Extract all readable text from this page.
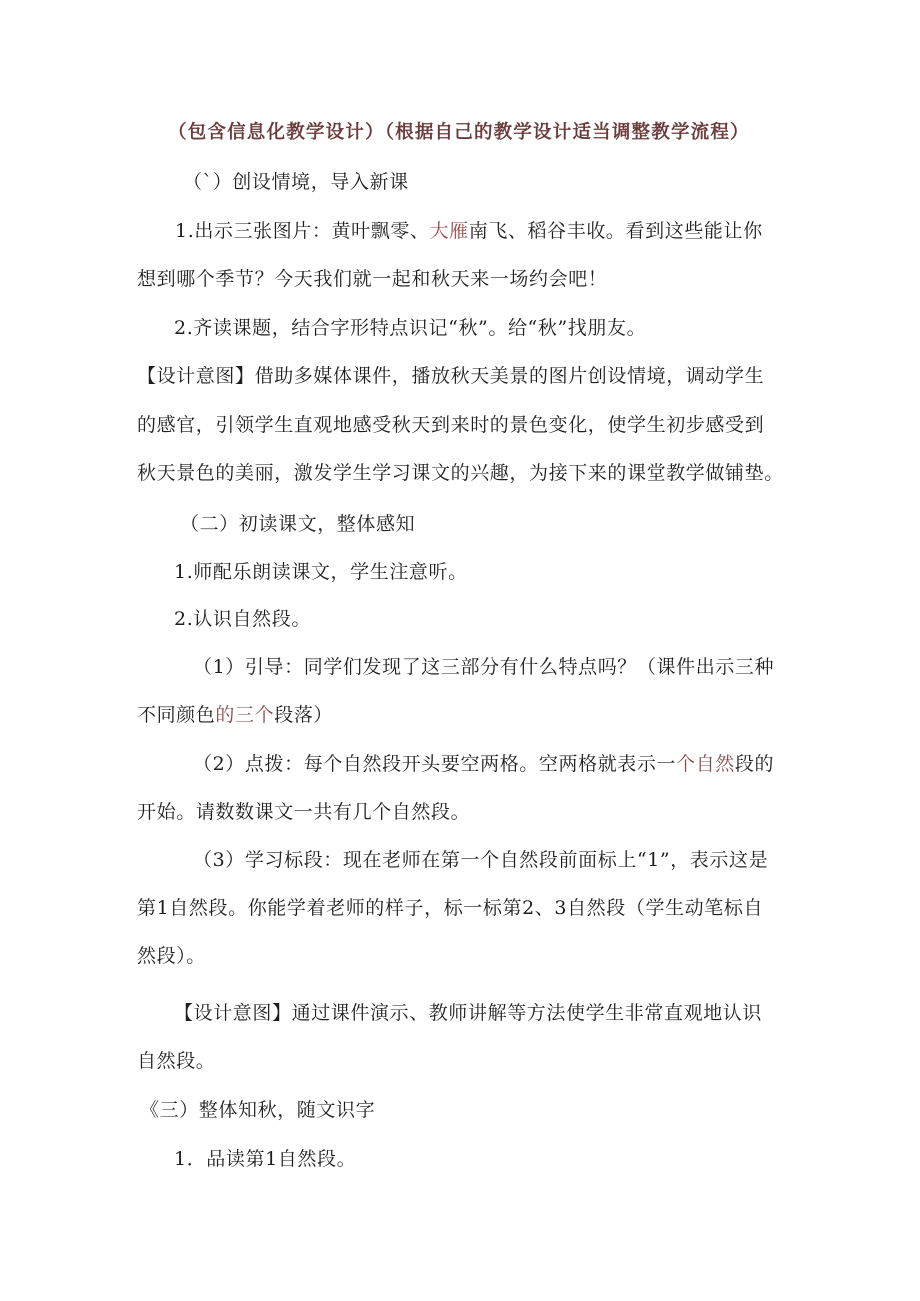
（包含信息化教学设计）（根据自己的教学设计适当调整教学流程）
（`）创设情境，导入新课
1.出示三张图片：黄叶飘零、大雁南飞、稻谷丰收。看到这些能让你
想到哪个季节？今天我们就一起和秋天来一场约会吧！
2.齐读课题，结合字形特点识记“秋”。给“秋”找朋友。
【设计意图】借助多媒体课件，播放秋天美景的图片创设情境，调动学生
的感官，引领学生直观地感受秋天到来时的景色变化，使学生初步感受到
秋天景色的美丽，激发学生学习课文的兴趣，为接下来的课堂教学做铺垫。
（二）初读课文，整体感知
1.师配乐朗读课文，学生注意听。
2.认识自然段。
（1）引导：同学们发现了这三部分有什么特点吗？（课件出示三种
不同颜色的三个段落）
（2）点拨：每个自然段开头要空两格。空两格就表示一个自然段的
开始。请数数课文一共有几个自然段。
（3）学习标段：现在老师在第一个自然段前面标上“1”，表示这是
第1自然段。你能学着老师的样子，标一标第2、3自然段（学生动笔标自
然段）。
【设计意图】通过课件演示、教师讲解等方法使学生非常直观地认识
自然段。
《三）整体知秋，随文识字
1．品读第1自然段。
